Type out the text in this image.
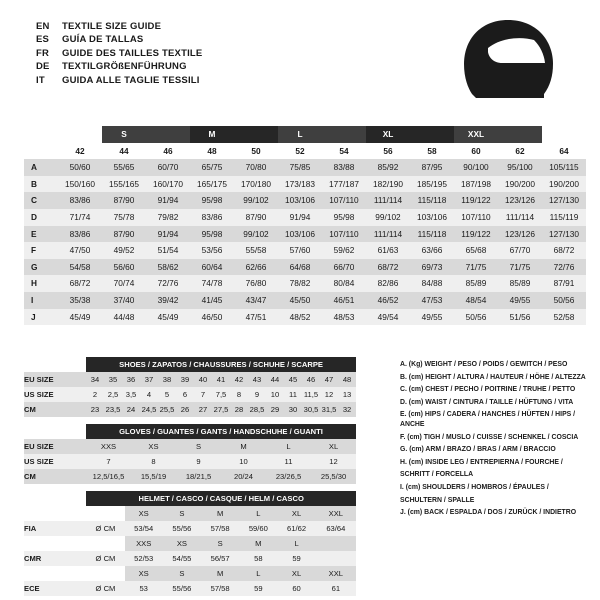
EN	TEXTILE SIZE GUIDE
ES	GUÍA DE TALLAS
FR	GUIDE DES TAILLES TEXTILE
DE	TEXTILGRÖßENFÜHRUNG
IT	GUIDA ALLE TAGLIE TESSILI
		S		M		L		XL		XXL		
	42	44	46	48	50	52	54	56	58	60	62	64
A	50/60	55/65	60/70	65/75	70/80	75/85	83/88	85/92	87/95	90/100	95/100	105/115
B	150/160	155/165	160/170	165/175	170/180	173/183	177/187	182/190	185/195	187/198	190/200	190/200
C	83/86	87/90	91/94	95/98	99/102	103/106	107/110	111/114	115/118	119/122	123/126	127/130
D	71/74	75/78	79/82	83/86	87/90	91/94	95/98	99/102	103/106	107/110	111/114	115/119
E	83/86	87/90	91/94	95/98	99/102	103/106	107/110	111/114	115/118	119/122	123/126	127/130
F	47/50	49/52	51/54	53/56	55/58	57/60	59/62	61/63	63/66	65/68	67/70	68/72
G	54/58	56/60	58/62	60/64	62/66	64/68	66/70	68/72	69/73	71/75	71/75	72/76
H	68/72	70/74	72/76	74/78	76/80	78/82	80/84	82/86	84/88	85/89	85/89	87/91
I	35/38	37/40	39/42	41/45	43/47	45/50	46/51	46/52	47/53	48/54	49/55	50/56
J	45/49	44/48	45/49	46/50	47/51	48/52	48/53	49/54	49/55	50/56	51/56	52/58
	SHOES / ZAPATOS / CHAUSSURES / SCHUHE / SCARPE														
EU SIZE	34	35	36	37	38	39	40	41	42	43	44	45	46	47	48
US SIZE	2	2,5	3,5	4	5	6	7	7,5	8	9	10	11	11,5	12	13
CM	23	23,5	24	24,5	25,5	26	27	27,5	28	28,5	29	30	30,5	31,5	32
	GLOVES / GUANTES / GANTS / HANDSCHUHE / GUANTI					
EU SIZE	XXS	XS	S	M	L	XL
US SIZE	7	8	9	10	11	12
CM	12,5/16,5	15,5/19	18/21,5	20/24	23/26,5	25,5/30
	HELMET / CASCO / CASQUE / HELM / CASCO						
		XS	S	M	L	XL	XXL
FIA	Ø CM	53/54	55/56	57/58	59/60	61/62	63/64
		XXS	XS	S	M	L	
CMR	Ø CM	52/53	54/55	56/57	58	59	
		XS	S	M	L	XL	XXL
ECE	Ø CM	53	55/56	57/58	59	60	61
A. (Kg) WEIGHT / PESO / POIDS / GEWITCH / PESO
B. (cm) HEIGHT / ALTURA / HAUTEUR / HÖHE / ALTEZZA
C. (cm) CHEST / PECHO / POITRINE / TRUHE / PETTO
D. (cm) WAIST / CINTURA / TAILLE / HÜFTUNG / VITA
E. (cm) HIPS / CADERA / HANCHES / HÜFTEN / HIPS / ANCHE
F. (cm) TIGH / MUSLO / CUISSE / SCHENKEL / COSCIA
G. (cm) ARM / BRAZO / BRAS / ARM / BRACCIO
H. (cm) INSIDE LEG / ENTREPIERNA / FOURCHE /
SCHRITT / FORCELLA
I. (cm) SHOULDERS / HOMBROS / ÉPAULES /
SCHULTERN / SPALLE
J. (cm) BACK / ESPALDA / DOS / ZURÜCK / INDIETRO
